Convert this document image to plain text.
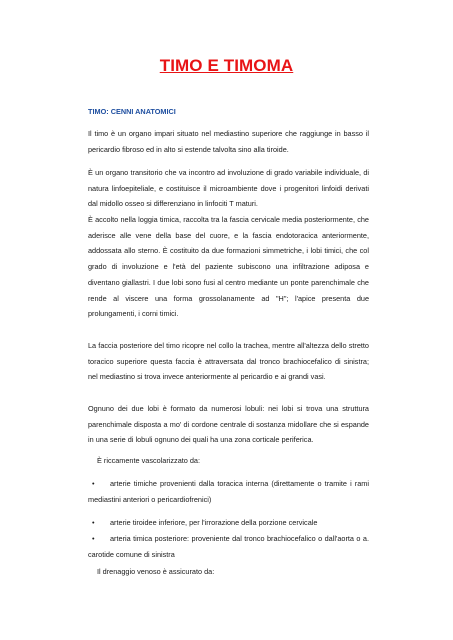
TIMO E TIMOMA

TIMO: CENNI ANATOMICI

Il timo è un organo impari situato nel mediastino superiore che raggiunge in basso il pericardio fibroso ed in alto si estende talvolta sino alla tiroide.

È un organo transitorio che va incontro ad involuzione di grado variabile individuale, di natura linfoepiteliale, e costituisce il microambiente dove i progenitori linfoidi derivati dal midollo osseo si differenziano in linfociti T maturi.

È accolto nella loggia timica, raccolta tra la fascia cervicale media posteriormente, che aderisce alle vene della base del cuore, e la fascia endotoracica anteriormente, addossata allo sterno. È costituito da due formazioni simmetriche, i lobi timici, che col grado di involuzione e l'età del paziente subiscono una infiltrazione adiposa e diventano giallastri. I due lobi sono fusi al centro mediante un ponte parenchimale che rende al viscere una forma grossolanamente ad "H"; l'apice presenta due prolungamenti, i corni timici.

La faccia posteriore del timo ricopre nel collo la trachea, mentre all'altezza dello stretto toracico superiore questa faccia è attraversata dal tronco brachiocefalico di sinistra; nel mediastino si trova invece anteriormente al pericardio e ai grandi vasi.

Ognuno dei due lobi è formato da numerosi lobuli: nei lobi si trova una struttura parenchimale disposta a mo' di cordone centrale di sostanza midollare che si espande in una serie di lobuli ognuno dei quali ha una zona corticale periferica.

È riccamente vascolarizzato da:

• arterie timiche provenienti dalla toracica interna (direttamente o tramite i rami mediastini anteriori o pericardiofrenici)
• arterie tiroidee inferiore, per l'irrorazione della porzione cervicale
• arteria timica posteriore: proveniente dal tronco brachiocefalico o dall'aorta o a. carotide comune di sinistra

Il drenaggio venoso è assicurato da:
